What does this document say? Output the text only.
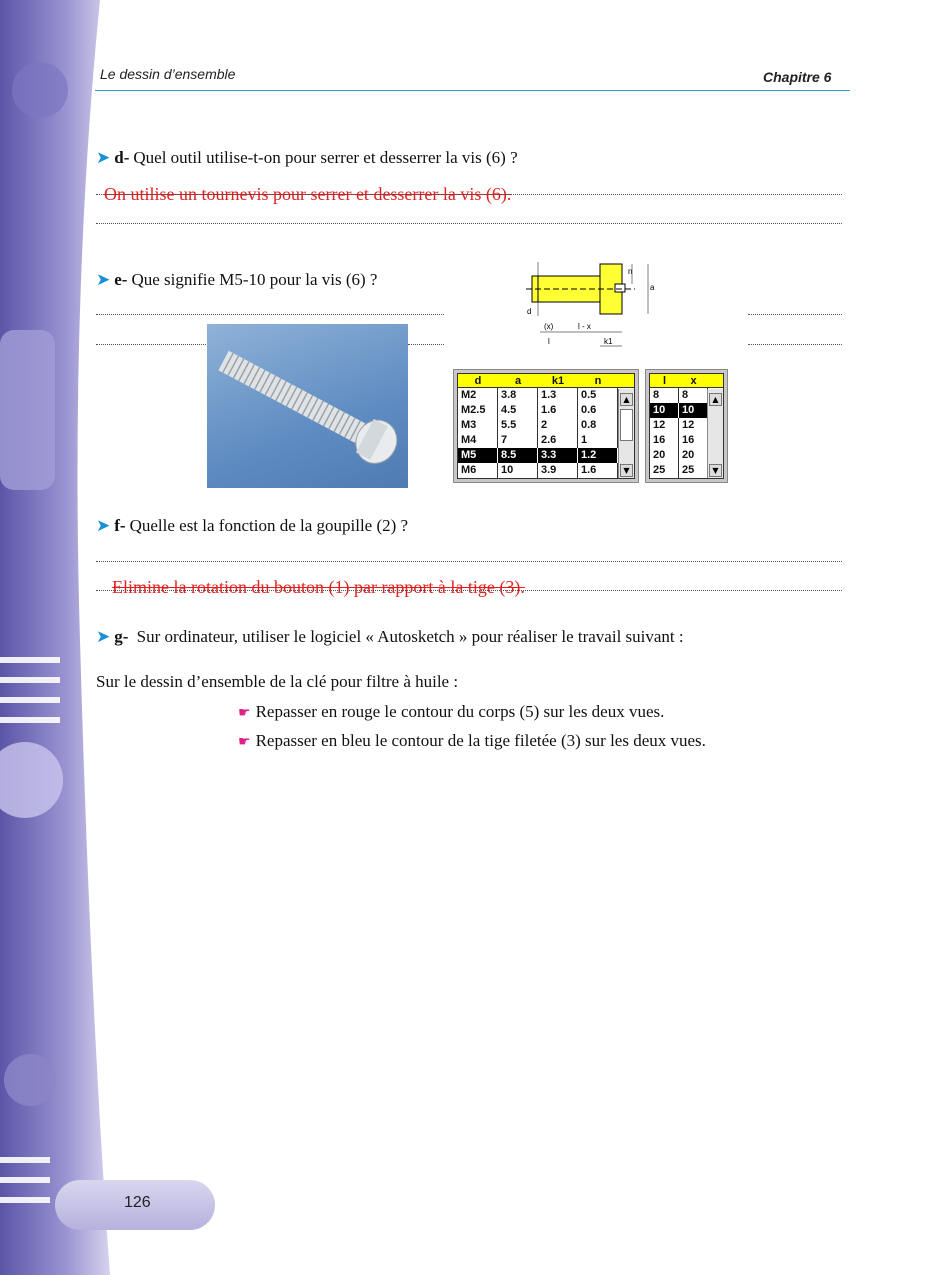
Le dessin d’ensemble	Chapitre 6
➤ d- Quel outil utilise-t-on pour serrer et desserrer la vis (6) ?
On utilise un tournevis pour serrer et desserrer la vis (6).
➤ e- Que signifie M5-10 pour la vis (6) ?
d
(x)	l - x
l	k1
n
a
d	a	k1	n
M2	3.8	1.3	0.5
M2.5	4.5	1.6	0.6
M3	5.5	2	0.8
M4	7	2.6	1
M5	8.5	3.3	1.2
M6	10	3.9	1.6
▲
▼
l	x
8	8
10	10
12	12
16	16
20	20
25	25
▲
▼
➤ f- Quelle est la fonction de la goupille (2) ?
Elimine la rotation du bouton (1) par rapport à la tige (3).
➤ g- Sur ordinateur, utiliser le logiciel « Autosketch » pour réaliser le travail suivant :
Sur le dessin d’ensemble de la clé pour filtre à huile :
☛ Repasser en rouge le contour du corps (5) sur les deux vues.
☛ Repasser en bleu le contour de la tige filetée (3) sur les deux vues.
126
